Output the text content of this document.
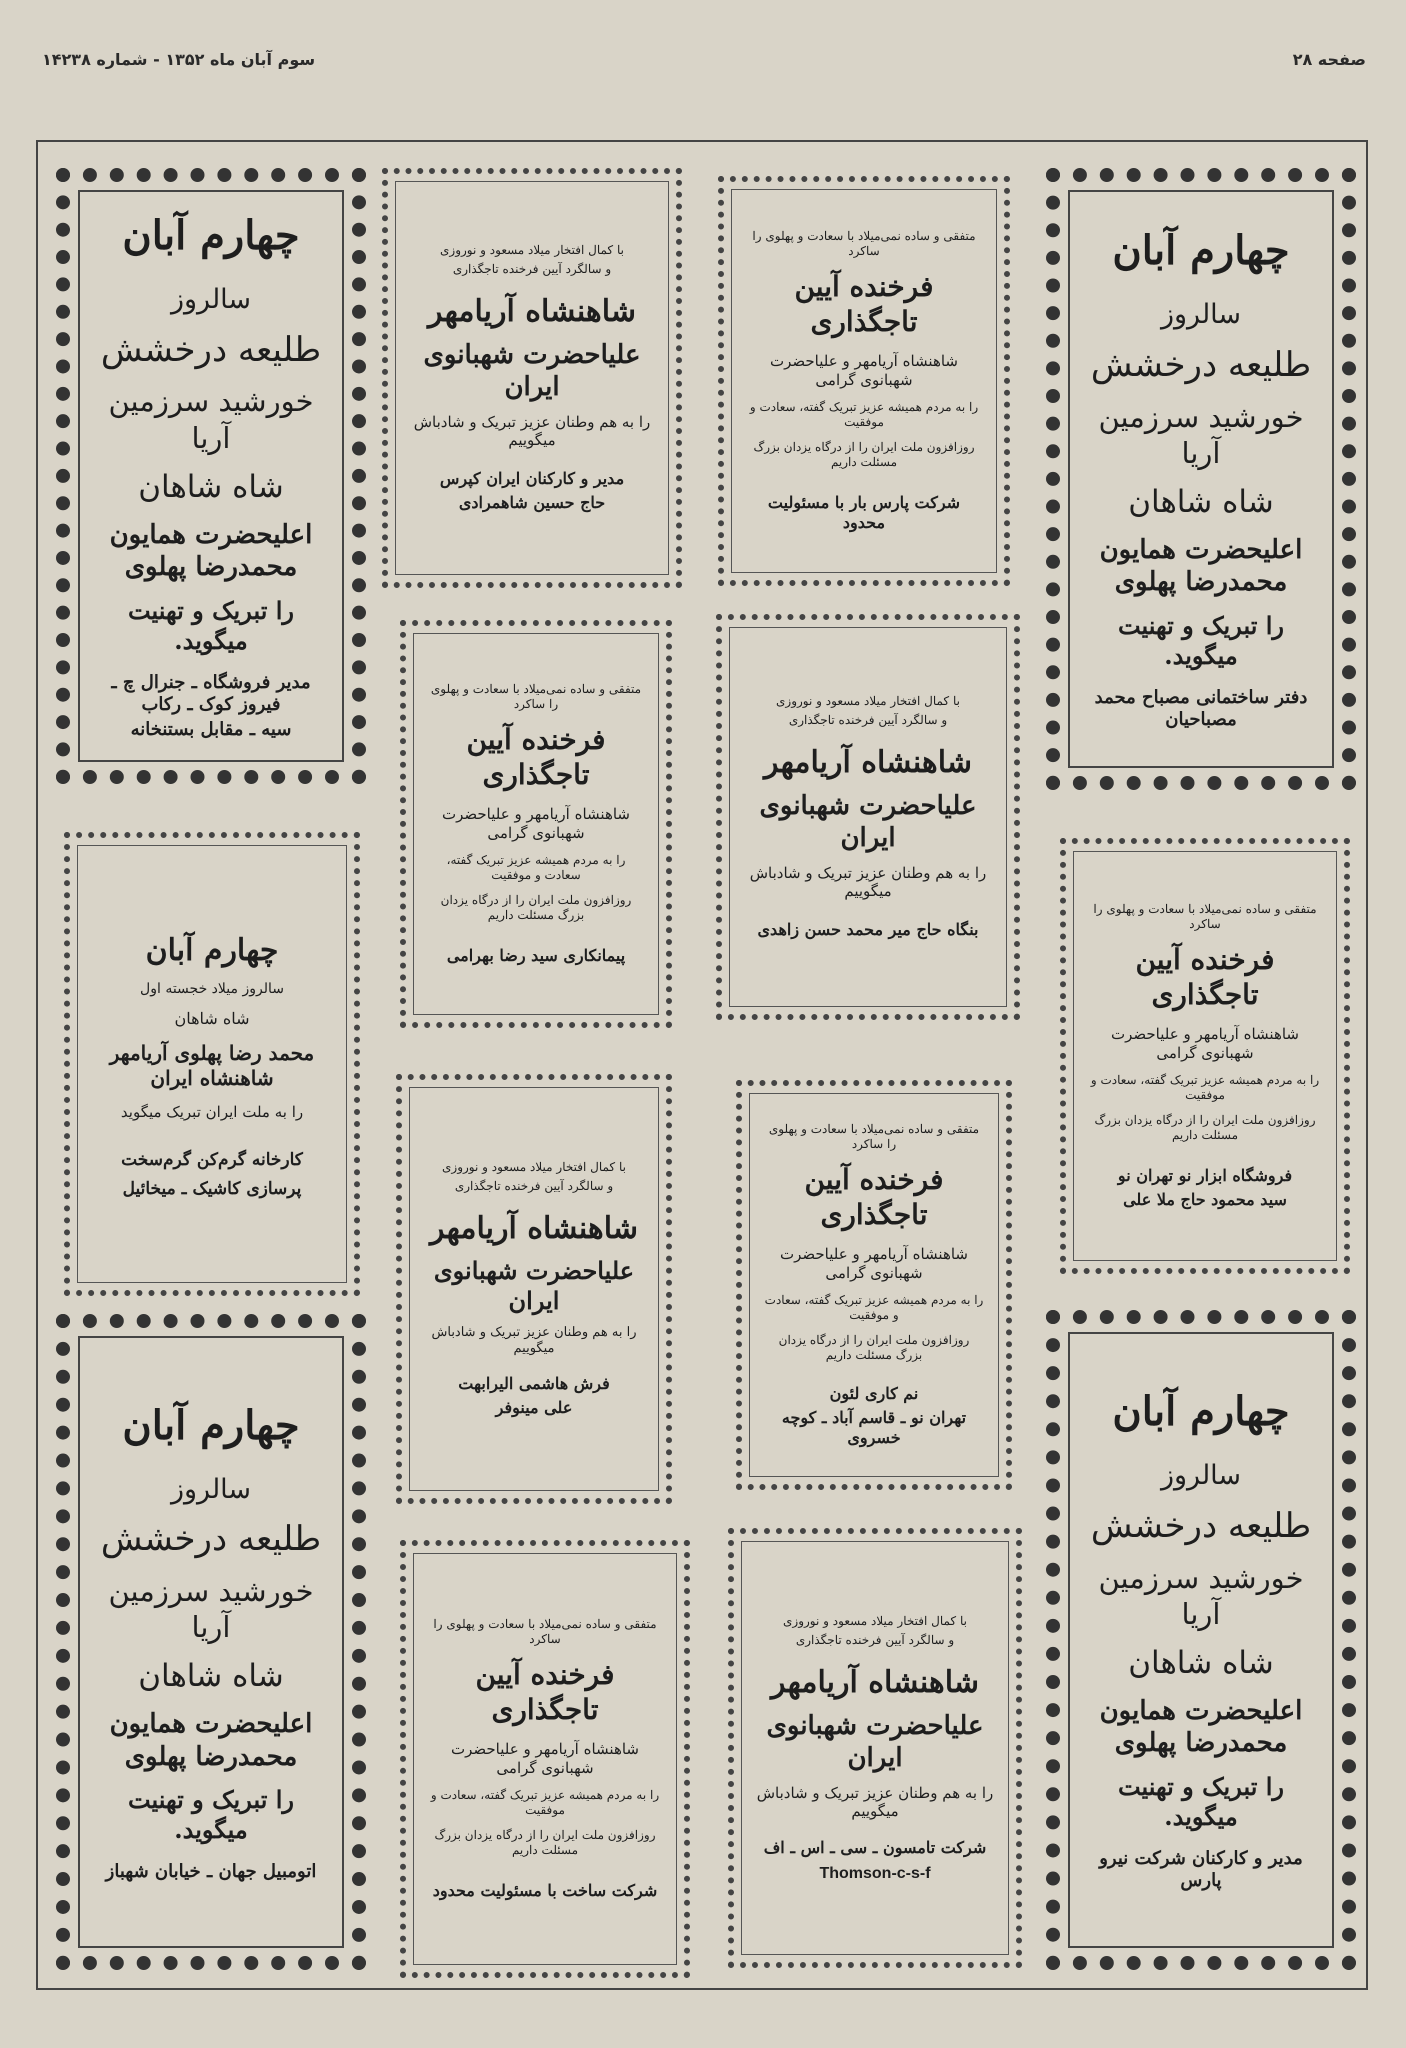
سوم آبان ماه ۱۳۵۲ - شماره ۱۴۲۳۸	صفحه ۲۸

چهارم آبان

سالروز

طلیعه درخشش

خورشید سرزمین آریا

شاه شاهان

اعلیحضرت همایون محمدرضا پهلوی

را تبریک و تهنیت میگوید.

مدیر فروشگاه ـ جنرال چ ـ فیروز کوک ـ رکاب

سیه ـ مقابل بستنخانه

چهارم آبان

سالروز میلاد خجسته اول

شاه شاهان

محمد رضا پهلوی آریامهر شاهنشاه ایران

را به ملت ایران تبریک میگوید

کارخانه گرم‌کن گرم‌سخت

پرسازی کاشیک ـ میخائیل

چهارم آبان

سالروز

طلیعه درخشش

خورشید سرزمین آریا

شاه شاهان

اعلیحضرت همایون محمدرضا پهلوی

را تبریک و تهنیت میگوید.

اتومبیل جهان ـ خیابان شهباز

با کمال افتخار میلاد مسعود و نوروزی

و سالگرد آیین فرخنده تاجگذاری

شاهنشاه آریامهر

علیاحضرت شهبانوی ایران

را به هم وطنان عزیز تبریک و شادباش میگوییم

مدیر و کارکنان ایران کپرس

حاج حسین شاهمرادی

متفقی و ساده نمی‌میلاد با سعادت و پهلوی را ساکرد

فرخنده آیین تاجگذاری

شاهنشاه آریامهر و علیاحضرت شهبانوی گرامی

را به مردم همیشه عزیز تبریک گفته، سعادت و موفقیت

روزافزون ملت ایران را از درگاه یزدان بزرگ مسئلت داریم

پیمانکاری سید رضا بهرامی

با کمال افتخار میلاد مسعود و نوروزی

و سالگرد آیین فرخنده تاجگذاری

شاهنشاه آریامهر

علیاحضرت شهبانوی ایران

را به هم وطنان عزیز تبریک و شادباش میگوییم

فرش هاشمی الیرابهت

علی مینوفر

متفقی و ساده نمی‌میلاد با سعادت و پهلوی را ساکرد

فرخنده آیین تاجگذاری

شاهنشاه آریامهر و علیاحضرت شهبانوی گرامی

را به مردم همیشه عزیز تبریک گفته، سعادت و موفقیت

روزافزون ملت ایران را از درگاه یزدان بزرگ مسئلت داریم

شرکت ساخت با مسئولیت محدود

متفقی و ساده نمی‌میلاد با سعادت و پهلوی را ساکرد

فرخنده آیین تاجگذاری

شاهنشاه آریامهر و علیاحضرت شهبانوی گرامی

را به مردم همیشه عزیز تبریک گفته، سعادت و موفقیت

روزافزون ملت ایران را از درگاه یزدان بزرگ مسئلت داریم

شرکت پارس بار با مسئولیت محدود

با کمال افتخار میلاد مسعود و نوروزی

و سالگرد آیین فرخنده تاجگذاری

شاهنشاه آریامهر

علیاحضرت شهبانوی ایران

را به هم وطنان عزیز تبریک و شادباش میگوییم

بنگاه حاج میر محمد حسن زاهدی

متفقی و ساده نمی‌میلاد با سعادت و پهلوی را ساکرد

فرخنده آیین تاجگذاری

شاهنشاه آریامهر و علیاحضرت شهبانوی گرامی

را به مردم همیشه عزیز تبریک گفته، سعادت و موفقیت

روزافزون ملت ایران را از درگاه یزدان بزرگ مسئلت داریم

نم کاری لئون

تهران نو ـ قاسم آباد ـ کوچه خسروی

با کمال افتخار میلاد مسعود و نوروزی

و سالگرد آیین فرخنده تاجگذاری

شاهنشاه آریامهر

علیاحضرت شهبانوی ایران

را به هم وطنان عزیز تبریک و شادباش میگوییم

شرکت تامسون ـ سی ـ اس ـ اف

Thomson-c-s-f

چهارم آبان

سالروز

طلیعه درخشش

خورشید سرزمین آریا

شاه شاهان

اعلیحضرت همایون محمدرضا پهلوی

را تبریک و تهنیت میگوید.

دفتر ساختمانی مصباح محمد مصباحیان

متفقی و ساده نمی‌میلاد با سعادت و پهلوی را ساکرد

فرخنده آیین تاجگذاری

شاهنشاه آریامهر و علیاحضرت شهبانوی گرامی

را به مردم همیشه عزیز تبریک گفته، سعادت و موفقیت

روزافزون ملت ایران را از درگاه یزدان بزرگ مسئلت داریم

فروشگاه ابزار نو تهران نو

سید محمود حاج ملا علی

چهارم آبان

سالروز

طلیعه درخشش

خورشید سرزمین آریا

شاه شاهان

اعلیحضرت همایون محمدرضا پهلوی

را تبریک و تهنیت میگوید.

مدیر و کارکنان شرکت نیرو پارس
